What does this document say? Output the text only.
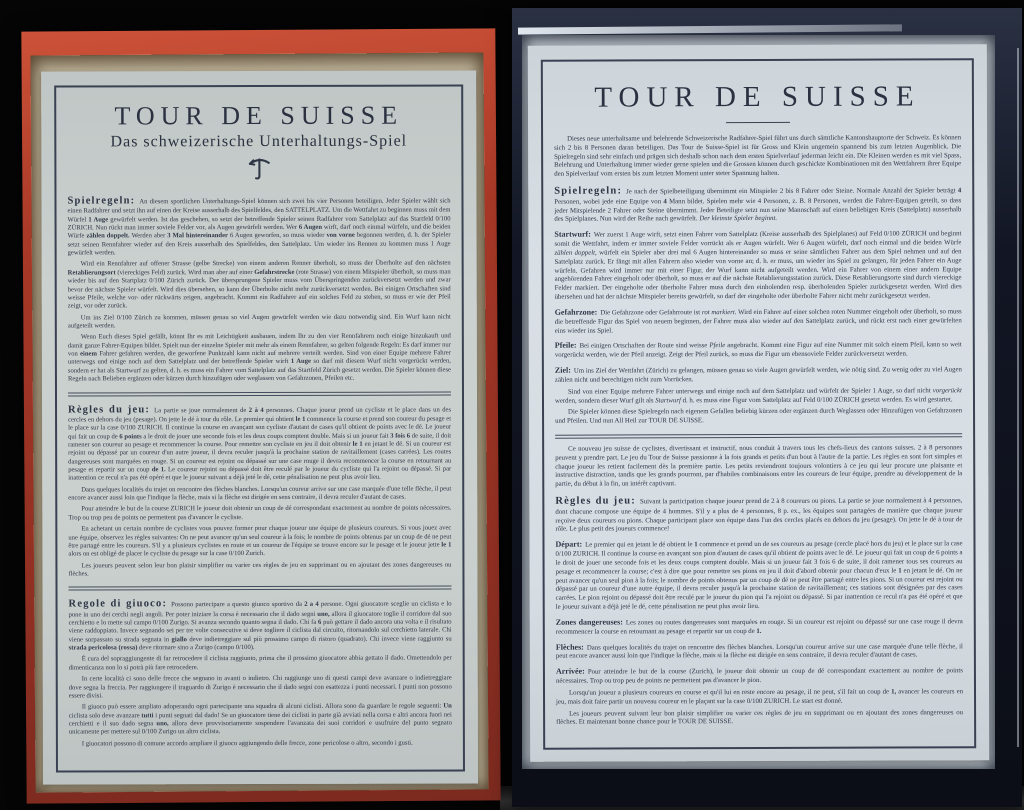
TOUR DE SUISSE
Das schweizerische Unterhaltungs-Spiel

Spielregeln: An diesem sportlichen Unterhaltungs-Spiel können sich zwei bis vier Personen beteiligen. Jeder Spieler wählt sich einen Radfahrer und setzt ihn auf einen der Kreise ausserhalb des Spielfeldes, den SATTELPLATZ. Um die Wettfahrt zu beginnen muss mit dem Würfel 1 Auge gewürfelt werden. Ist das geschehen, so setzt der betreffende Spieler seinen Radfahrer vom Sattelplatz auf das Startfeld 0/100 ZÜRICH. Nun rückt man immer soviele Felder vor, als Augen gewürfelt werden. Wer 6 Augen wirft, darf noch einmal würfeln, und die beiden Würfe zählen doppelt. Werden aber 3 Mal hintereinander 6 Augen geworfen, so muss wieder von vorne begonnen werden, d. h. der Spieler setzt seinen Rennfahrer wieder auf den Kreis ausserhalb des Spielfeldes, den Sattelplatz. Um wieder ins Rennen zu kommen muss 1 Auge gewürfelt werden.

Wird ein Rennfahrer auf offener Strasse (gelbe Strecke) von einem anderen Renner überholt, so muss der Überholte auf den nächsten Retablierungsort (viereckiges Feld) zurück. Wird man aber auf einer Gefahrstrecke (rote Strasse) von einem Mitspieler überholt, so muss man wieder bis auf den Startplatz 0/100 Zürich zurück. Der übersprungene Spieler muss vom Überspringenden zurückversetzt werden und zwar bevor der nächste Spieler würfelt. Wird dies übersehen, so kann der Überholte nicht mehr zurückversetzt werden. Bei einigen Ortschaften sind weisse Pfeile, welche vor- oder rückwärts zeigen, angebracht. Kommt ein Radfahrer auf ein solches Feld zu stehen, so muss er wie der Pfeil zeigt, vor oder zurück.

Um ins Ziel 0/100 Zürich zu kommen, müssen genau so viel Augen gewürfelt werden wie dazu notwendig sind. Ein Wurf kann nicht aufgeteilt werden.

Wenn Euch dieses Spiel gefällt, könnt Ihr es mit Leichtigkeit ausbauen, indem Ihr zu den vier Rennfahrern noch einige hinzukauft und damit ganze Fahrer-Equipen bildet. Spielt nun der einzelne Spieler mit mehr als einem Rennfahrer, so gelten folgende Regeln: Es darf immer nur von einem Fahrer gefahren werden, die geworfene Punktzahl kann nicht auf mehrere verteilt werden. Sind von einer Equipe mehrere Fahrer unterwegs und einige noch auf dem Sattelplatz und der betreffende Spieler wirft 1 Auge so darf mit diesem Wurf nicht vorgerückt werden, sondern er hat als Startwurf zu gelten, d. h. es muss ein Fahrer vom Sattelplatz auf das Startfeld Zürich gesetzt werden. Die Spieler können diese Regeln nach Belieben ergänzen oder kürzen durch hinzufügen oder weglassen von Gefahrzonen, Pfeilen etc.

Règles du jeu: La partie se joue normalement de 2 à 4 personnes. Chaque joueur prend un cycliste et le place dans un des cercles en dehors du jeu (pesage). On jette le dé à tour du rôle. Le premier qui obtient le 1 commence la course et prend son coureur du pesage et le place sur la case 0/100 ZURICH. Il continue la course en avançant son cycliste d'autant de cases qu'il obtient de points avec le dé. Le joueur qui fait un coup de 6 points a le droit de jouer une seconde fois et les deux coups comptent double. Mais si un joueur fait 3 fois 6 de suite, il doit ramener son coureur au pesage et recommencer la course. Pour remettre son cycliste en jeu il doit obtenir le 1 en jetant le dé. Si un coureur est rejoint ou dépassé par un coureur d'un autre joueur, il devra reculer jusqu'à la prochaine station de ravitaillement (cases carrées). Les routes dangereuses sont marquées en rouge. Si un coureur est rejoint ou dépassé sur une case rouge il devra recommencer la course en retournant au pesage et repartir sur un coup de 1. Le coureur rejoint ou dépassé doit être reculé par le joueur du cycliste qui l'a rejoint ou dépassé. Si par inattention ce recul n'a pas été opéré et que le joueur suivant a déjà jeté le dé, cette pénalisation ne peut plus avoir lieu.

Dans quelques localités du trajet on rencontre des flèches blanches. Lorsqu'un coureur arrive sur une case marquée d'une telle flèche, il peut encore avancer aussi loin que l'indique la flèche, mais si la flèche est dirigée en sens contraire, il devra reculer d'autant de cases.

Pour atteindre le but de la course ZURICH le joueur doit obtenir un coup de dé correspondant exactement au nombre de points nécessaires. Trop ou trop peu de points ne permettent pas d'avancer le cycliste.

En achetant un certain nombre de cyclistes vous pouvez former pour chaque joueur une équipe de plusieurs coureurs. Si vous jouez avec une équipe, observez les règles suivantes: On ne peut avancer qu'un seul coureur à la fois; le nombre de points obtenus par un coup de dé ne peut être partagé entre les coureurs. S'il y a plusieurs cyclistes en route et un coureur de l'équipe se trouve encore sur le pesage et le joueur jette le 1 alors on est obligé de placer le cycliste du pesage sur la case 0/100 Zurich.

Les joueurs peuvent selon leur bon plaisir simplifier ou varier ces règles de jeu en supprimant ou en ajoutant des zones dangereuses ou flèches.

Regole di giuoco: Possono partecipare a questo giuoco sportivo da 2 a 4 persone. Ogni giuocatore sceglie un ciclista e lo pone in uno dei cerchi negli angoli. Per poter iniziare la corsa è necessario che il dado segni uno, allora il giuocatore toglie il corridore dal suo cerchietto e lo mette sul campo 0/100 Zurigo. Si avanza secondo quanto segna il dado. Chi fa 6 può gettare il dado ancora una volta e il risultato viene raddoppiato. Invece segnando sei per tre volte consecutive si deve togliere il ciclista dal circuito, ritornandolo sul cerchietto laterale. Chi viene sorpassato su strada segnata in giallo deve indietreggiare sul più prossimo campo di ristoro (quadrato). Chi invece viene raggiunto su strada pericolosa (rossa) deve ritornare sino a Zurigo (campo 0/100).

È cura del sopraggiungente di far retrocedere il ciclista raggiunto, prima che il prossimo giuocatore abbia gettato il dado. Omettendolo per dimenticanza non lo si potrà più fare retrocedere.

In certe località ci sono delle frecce che segnano in avanti o indietro. Chi raggiunge uno di questi campi deve avanzare o indietreggiare dove segna la freccia. Per raggiungere il traguardo di Zurigo è necessario che il dado segni con esattezza i punti necessari. I punti non possono essere divisi.

Il giuoco può essere ampliato adoperando ogni partecipante una squadra di alcuni ciclisti. Allora sono da guardare le regole seguenti: Un ciclista solo deve avanzare tutti i punti segnati dal dado! Se un giuocatore tiene dei ciclisti in parte già avviati nella corsa e altri ancora fuori nei cerchietti e il suo dado segna uno, allora deve provvisoriamente sospendere l'avanzata dei suoi corridori e usufruire del punto segnato unicamente per mettere sul 0/100 Zurigo un altro ciclista.

I giuocatori possono di comune accordo ampliare il giuoco aggiungendo delle frecce, zone pericolose o altro, secondo i gusti.

TOUR DE SUISSE

Dieses neue unterhaltsame und belehrende Schweizerische Radfahrer-Spiel führt uns durch sämtliche Kantonshauptorte der Schweiz. Es können sich 2 bis 8 Personen daran beteiligen. Das Tour de Suisse-Spiel ist für Gross und Klein ungemein spannend bis zum letzten Augenblick. Die Spielregeln sind sehr einfach und prägen sich deshalb schon nach dem ersten Spielverlauf jederman leicht ein. Die Kleinen werden es mit viel Spass, Belehrung und Unterhaltung immer wieder gerne spielen und die Grossen können durch geschickte Kombinationen mit den Wettfahrern ihrer Equipe den Spielverlauf vom ersten bis zum letzten Moment unter steter Spannung halten.

Spielregeln: Je nach der Spielbeteiligung übernimmt ein Mitspieler 2 bis 8 Fahrer oder Steine. Normale Anzahl der Spieler beträgt 4 Personen, wobei jede eine Equipe von 4 Mann bildet. Spielen mehr wie 4 Personen, z. B. 8 Personen, werden die Fahrer-Equipen geteilt, so dass jeder Mitspielende 2 Fahrer oder Steine übernimmt. Jeder Beteiligte setzt nun seine Mannschaft auf einen beliebigen Kreis (Sattelplatz) ausserhalb des Spielplanes. Nun wird der Reihe nach gewürfelt. Der kleinste Spieler beginnt.

Startwurf: Wer zuerst 1 Auge wirft, setzt einen Fahrer vom Sattelplatz (Kreise ausserhalb des Spielplanes) auf Feld 0/100 ZÜRICH und beginnt somit die Wettfahrt, indem er immer soviele Felder vorrückt als er Augen würfelt. Wer 6 Augen würfelt, darf noch einmal und die beiden Würfe zählen doppelt, würfelt ein Spieler aber drei mal 6 Augen hintereinander so muss er seine sämtlichen Fahrer aus dem Spiel nehmen und auf den Sattelplatz zurück. Er fängt mit allen Fahrern also wieder von vorne an; d. h. er muss, um wieder ins Spiel zu gelangen, für jeden Fahrer ein Auge würfeln. Gefahren wird immer nur mit einer Figur, der Wurf kann nicht aufgeteilt werden. Wird ein Fahrer von einem einer andern Equipe angehörenden Fahrer eingeholt oder überholt, so muss er auf die nächste Retablierungsstation zurück. Diese Retablierungsorte sind durch viereckige Felder markiert. Der eingeholte oder überholte Fahrer muss durch den einholenden resp. überholenden Spieler zurückgesetzt werden. Wird dies übersehen und hat der nächste Mitspieler bereits gewürfelt, so darf der eingeholte oder überholte Fahrer nicht mehr zurückgesetzt werden.

Gefahrzone: Die Gefahrzone oder Gefahrroute ist rot markiert. Wird ein Fahrer auf einer solchen roten Nummer eingeholt oder überholt, so muss die betreffende Figur das Spiel von neuem beginnen, der Fahrer muss also wieder auf den Sattelplatz zurück, und rückt erst nach einer gewürfelten eins wieder ins Spiel.

Pfeile: Bei einigen Ortschaften der Route sind weisse Pfeile angebracht. Kommt eine Figur auf eine Nummer mit solch einem Pfeil, kann so weit vorgerückt werden, wie der Pfeil anzeigt. Zeigt der Pfeil zurück, so muss die Figur um ebensoviele Felder zurückversetzt werden.

Ziel: Um ins Ziel der Wettfahrt (Zürich) zu gelangen, müssen genau so viele Augen gewürfelt werden, wie nötig sind. Zu wenig oder zu viel Augen zählen nicht und berechtigen nicht zum Vorrücken.

Sind von einer Equipe mehrere Fahrer unterwegs und einige noch auf dem Sattelplatz und würfelt der Spieler 1 Auge, so darf nicht vorgerückt werden, sondern dieser Wurf gilt als Startwurf d. h. es muss eine Figur vom Sattelplatz auf Feld 0/100 ZÜRICH gesetzt werden. Es wird gestartet.

Die Spieler können diese Spielregeln nach eigenem Gefallen beliebig kürzen oder ergänzen durch Weglassen oder Hinzufügen von Gefahrzonen und Pfeilen. Und nun All Heil zur TOUR DE SUISSE.

Ce nouveau jeu suisse de cyclistes, divertissant et instructif, nous conduit à travers tous les chefs-lieux des cantons suisses. 2 à 8 personnes peuvent y prendre part. Le jeu du Tour de Suisse passionne à la fois grands et petits d'un bout à l'autre de la partie. Les règles en sont fort simples et chaque joueur les retient facilement dès la première partie. Les petits reviendront toujours volontiers à ce jeu qui leur procure une plaisante et instructive distraction, tandis que les grands pourront, par d'habiles combinaisons entre les coureurs de leur équipe, prendre au développement de la partie, du début à la fin, un intérêt captivant.

Règles du jeu: Suivant la participation chaque joueur prend de 2 à 8 coureurs ou pions. La partie se joue normalement à 4 personnes, dont chacune compose une équipe de 4 hommes. S'il y a plus de 4 personnes, 8 p. ex., les équipes sont partagées de manière que chaque joueur reçoive deux coureurs ou pions. Chaque participant place son équipe dans l'un des cercles placés en dehors du jeu (pesage). On jette le dé à tour de rôle. Le plus petit des joueurs commence!

Départ: Le premier qui en jetant le dé obtient le 1 commence et prend un de ses coureurs au pesage (cercle placé hors du jeu) et le place sur la case 0/100 ZURICH. Il continue la course en avançant son pion d'autant de cases qu'il obtient de points avec le dé. Le joueur qui fait un coup de 6 points a le droit de jouer une seconde fois et les deux coups comptent double. Mais si un joueur fait 3 fois 6 de suite, il doit ramener tous ses coureurs au pesage et recommencer la course; c'est à dire que pour remettre ses pions en jeu il doit d'abord obtenir pour chacun d'eux le 1 en jetant le dé. On ne peut avancer qu'un seul pion à la fois; le nombre de points obtenus par un coup de dé ne peut être partagé entre les pions. Si un coureur est rejoint ou dépassé par un coureur d'une autre équipe, il devra reculer jusqu'à la prochaine station de ravitaillement; ces stations sont désignées par des cases carrées. Le pion rejoint ou dépassé doit être reculé par le joueur du pion qui l'a rejoint ou dépassé. Si par inattention ce recul n'a pas été opéré et que le joueur suivant a déjà jeté le dé, cette pénalisation ne peut plus avoir lieu.

Zones dangereuses: Les zones ou routes dangereuses sont marquées en rouge. Si un coureur est rejoint ou dépassé sur une case rouge il devra recommencer la course en retournant au pesage et repartir sur un coup de 1.

Flèches: Dans quelques localités du trajet on rencontre des flèches blanches. Lorsqu'un coureur arrive sur une case marquée d'une telle flèche, il peut encore avancer aussi loin que l'indique la flèche, mais si la flèche est dirigée en sens contraire, il devra reculer d'autant de cases.

Arrivée: Pour atteindre le but de la course (Zurich), le joueur doit obtenir un coup de dé correspondant exactement au nombre de points nécessaires. Trop ou trop peu de points ne permettent pas d'avancer le pion.

Lorsqu'un joueur a plusieurs coureurs en course et qu'il lui en reste encore au pesage, il ne peut, s'il fait un coup de 1, avancer les coureurs en jeu, mais doit faire partir un nouveau coureur en le plaçant sur la case 0/100 ZURICH. Le start est donné.

Les joueurs peuvent suivant leur bon plaisir simplifier ou varier ces règles de jeu en supprimant ou en ajoutant des zones dangereuses ou flèches. Et maintenant bonne chance pour le TOUR DE SUISSE.
